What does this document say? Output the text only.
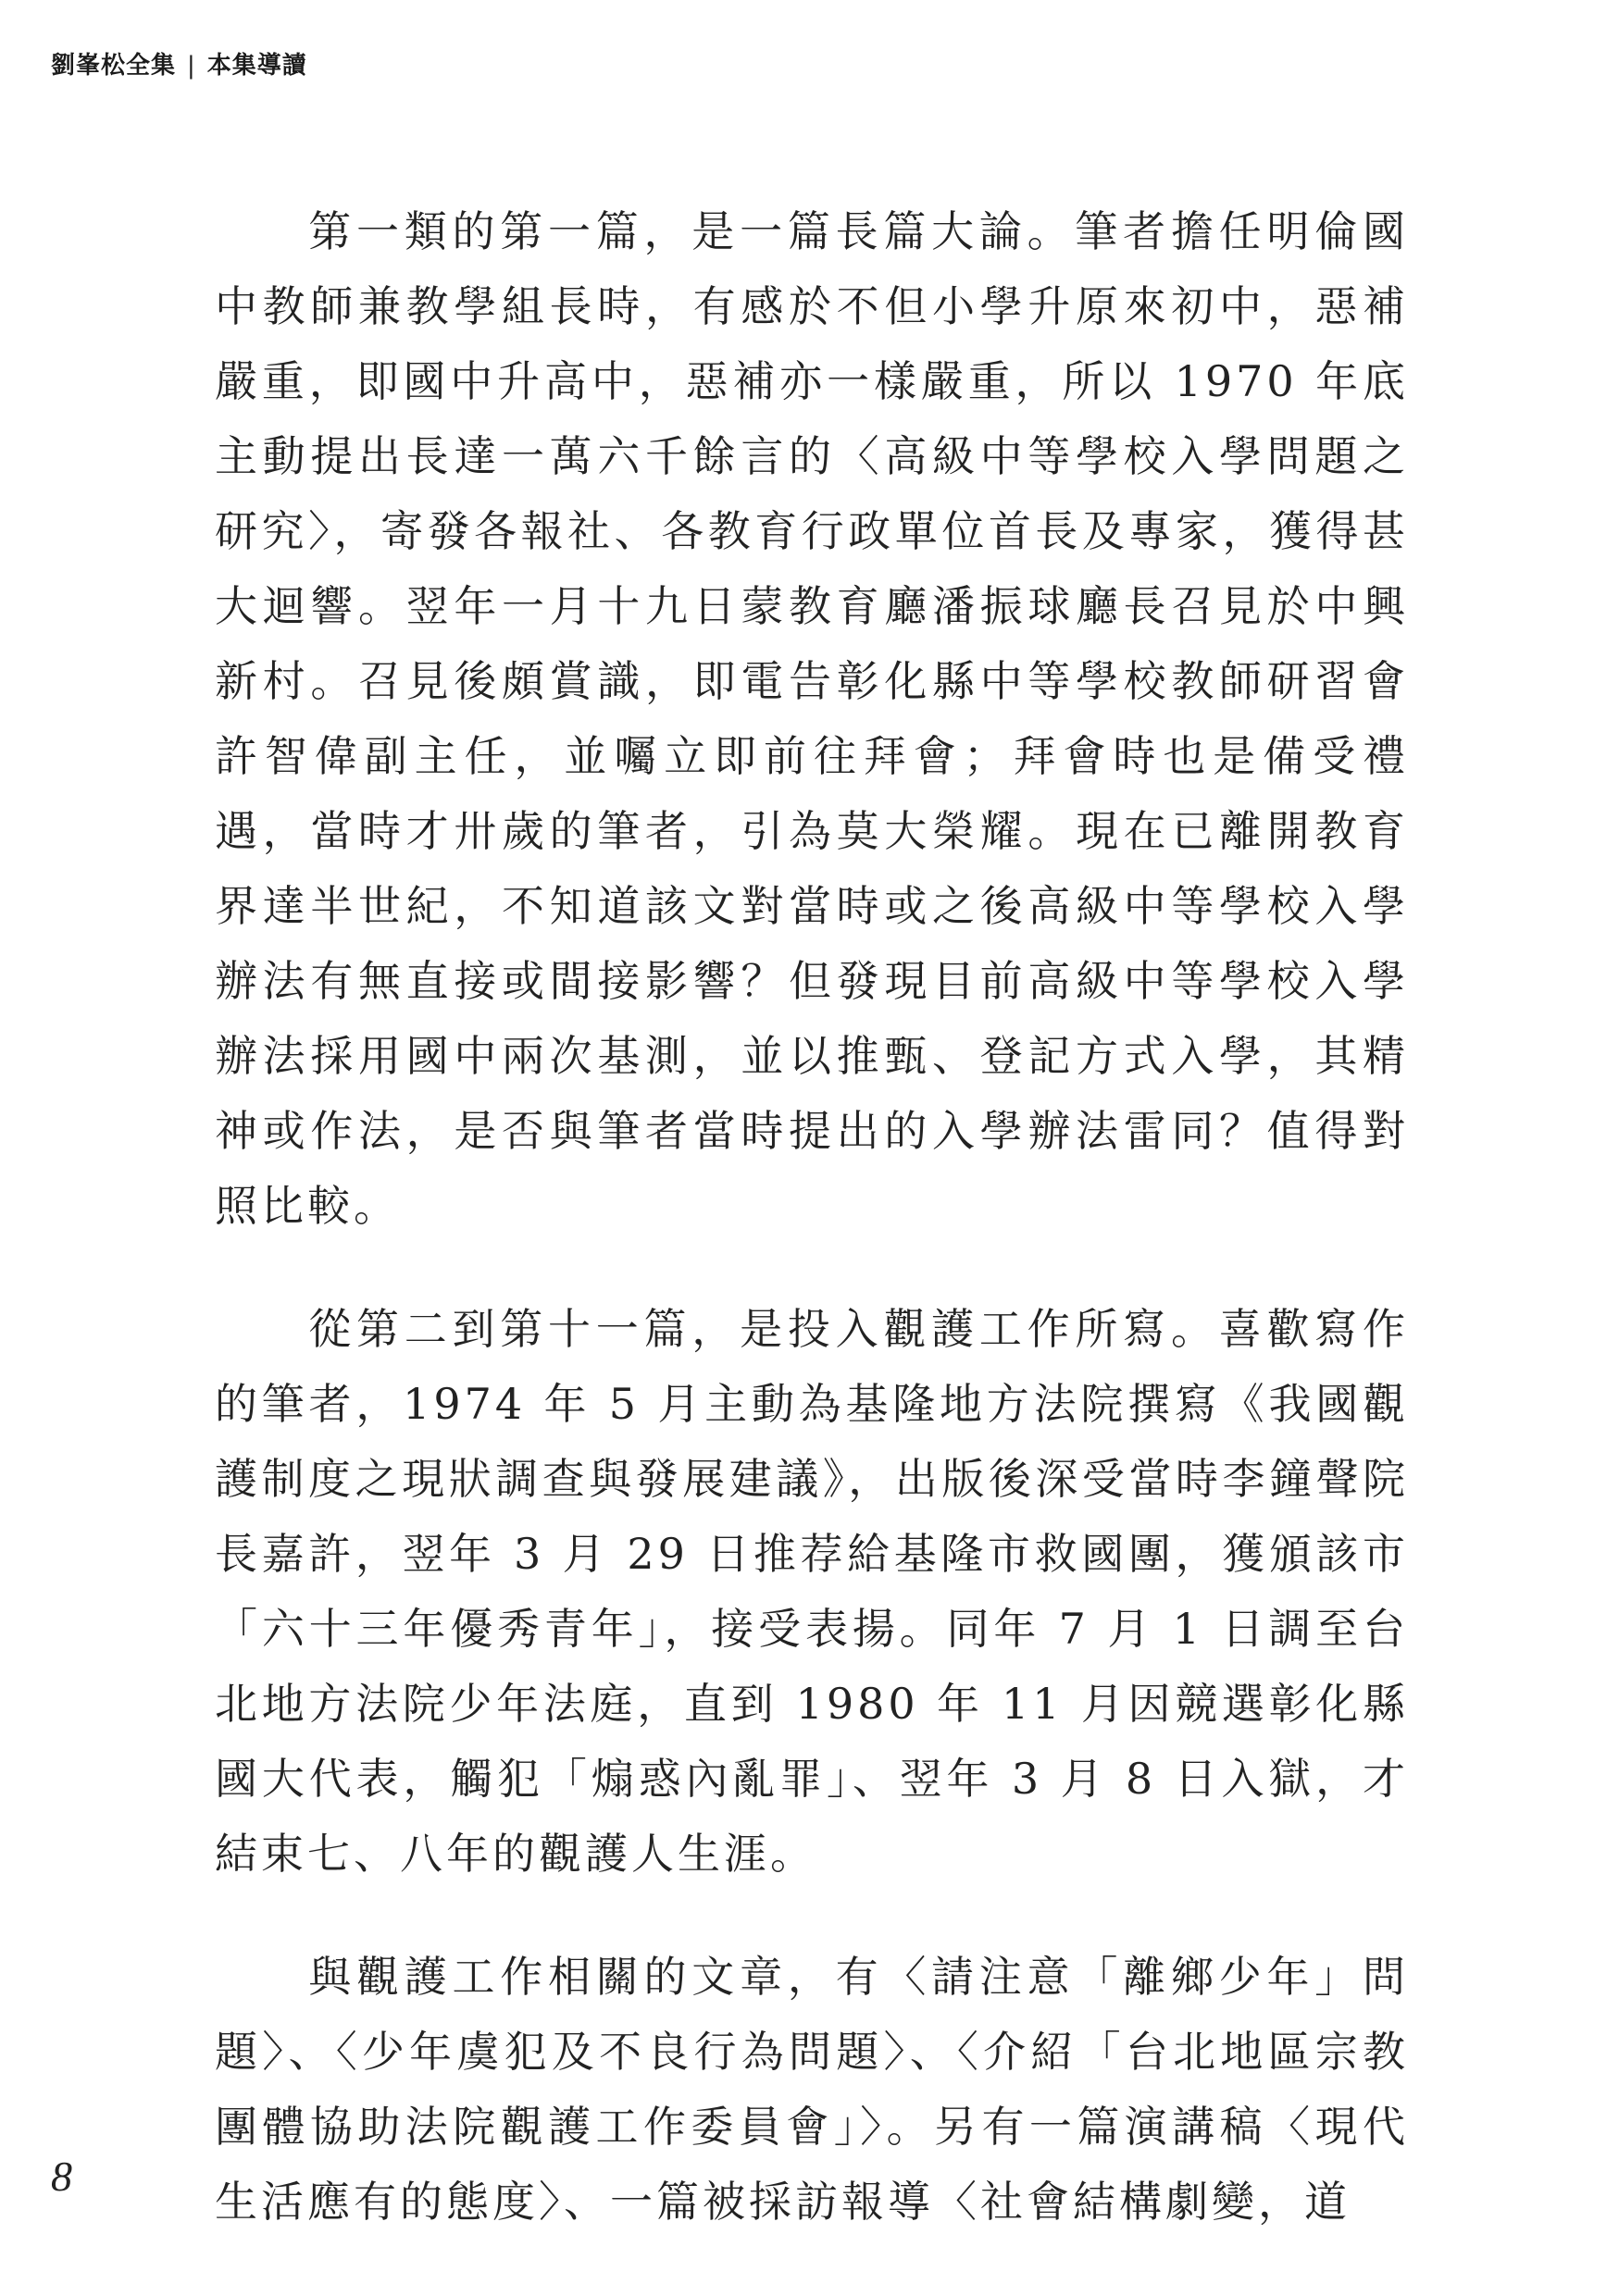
劉峯松全集 | 本集導讀

第一類的第一篇，是一篇長篇大論。筆者擔任明倫國中教師兼教學組長時，有感於不但小學升原來初中，惡補嚴重，即國中升高中，惡補亦一樣嚴重，所以 1970 年底主動提出長達一萬六千餘言的〈高級中等學校入學問題之研究〉，寄發各報社、各教育行政單位首長及專家，獲得甚大迴響。翌年一月十九日蒙教育廳潘振球廳長召見於中興新村。召見後頗賞識，即電告彰化縣中等學校教師研習會許智偉副主任，並囑立即前往拜會；拜會時也是備受禮遇，當時才卅歲的筆者，引為莫大榮耀。現在已離開教育界達半世紀，不知道該文對當時或之後高級中等學校入學辦法有無直接或間接影響？但發現目前高級中等學校入學辦法採用國中兩次基測，並以推甄、登記方式入學，其精神或作法，是否與筆者當時提出的入學辦法雷同？值得對照比較。

從第二到第十一篇，是投入觀護工作所寫。喜歡寫作的筆者，1974 年 5 月主動為基隆地方法院撰寫《我國觀護制度之現狀調查與發展建議》，出版後深受當時李鐘聲院長嘉許，翌年 3 月 29 日推荐給基隆市救國團，獲頒該市「六十三年優秀青年」，接受表揚。同年 7 月 1 日調至台北地方法院少年法庭，直到 1980 年 11 月因競選彰化縣國大代表，觸犯「煽惑內亂罪」、翌年 3 月 8 日入獄，才結束七、八年的觀護人生涯。

與觀護工作相關的文章，有〈請注意「離鄉少年」問題〉、〈少年虞犯及不良行為問題〉、〈介紹「台北地區宗教團體協助法院觀護工作委員會」〉。另有一篇演講稿〈現代生活應有的態度〉、一篇被採訪報導〈社會結構劇變，道

8
